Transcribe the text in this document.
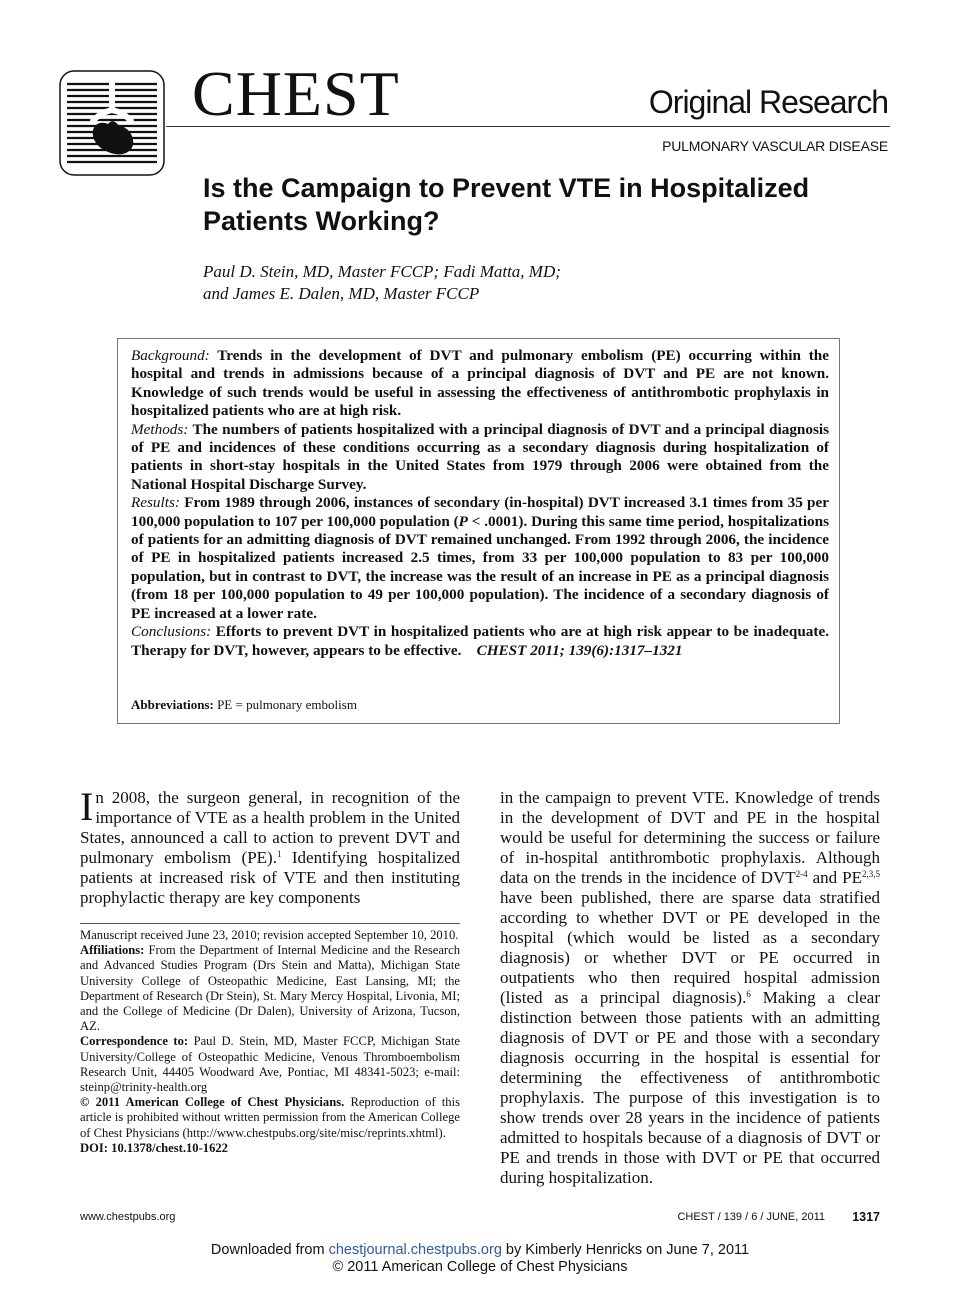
CHEST	Original Research
PULMONARY VASCULAR DISEASE
Is the Campaign to Prevent VTE in Hospitalized Patients Working?
Paul D. Stein, MD, Master FCCP; Fadi Matta, MD;
and James E. Dalen, MD, Master FCCP

Background: Trends in the development of DVT and pulmonary embolism (PE) occurring within the hospital and trends in admissions because of a principal diagnosis of DVT and PE are not known. Knowledge of such trends would be useful in assessing the effectiveness of antithrombotic prophylaxis in hospitalized patients who are at high risk.

Methods: The numbers of patients hospitalized with a principal diagnosis of DVT and a principal diagnosis of PE and incidences of these conditions occurring as a secondary diagnosis during hospitalization of patients in short-stay hospitals in the United States from 1979 through 2006 were obtained from the National Hospital Discharge Survey.

Results: From 1989 through 2006, instances of secondary (in-hospital) DVT increased 3.1 times from 35 per 100,000 population to 107 per 100,000 population (P < .0001). During this same time period, hospitalizations of patients for an admitting diagnosis of DVT remained unchanged. From 1992 through 2006, the incidence of PE in hospitalized patients increased 2.5 times, from 33 per 100,000 population to 83 per 100,000 population, but in contrast to DVT, the increase was the result of an increase in PE as a principal diagnosis (from 18 per 100,000 population to 49 per 100,000 population). The incidence of a secondary diagnosis of PE increased at a lower rate.

Conclusions: Efforts to prevent DVT in hospitalized patients who are at high risk appear to be inadequate. Therapy for DVT, however, appears to be effective. CHEST 2011; 139(6):1317–1321

Abbreviations: PE = pulmonary embolism
In 2008, the surgeon general, in recognition of the importance of VTE as a health problem in the United States, announced a call to action to prevent DVT and pulmonary embolism (PE).$^1$ Identifying hospitalized patients at increased risk of VTE and then instituting prophylactic therapy are key components

Manuscript received June 23, 2010; revision accepted September 10, 2010.

Affiliations: From the Department of Internal Medicine and the Research and Advanced Studies Program (Drs Stein and Matta), Michigan State University College of Osteopathic Medicine, East Lansing, MI; the Department of Research (Dr Stein), St. Mary Mercy Hospital, Livonia, MI; and the College of Medicine (Dr Dalen), University of Arizona, Tucson, AZ.

Correspondence to: Paul D. Stein, MD, Master FCCP, Michigan State University/College of Osteopathic Medicine, Venous Thromboembolism Research Unit, 44405 Woodward Ave, Pontiac, MI 48341-5023; e-mail: steinp@trinity-health.org

© 2011 American College of Chest Physicians. Reproduction of this article is prohibited without written permission from the American College of Chest Physicians (http://www.chestpubs.org/site/misc/reprints.xhtml).

DOI: 10.1378/chest.10-1622

in the campaign to prevent VTE. Knowledge of trends in the development of DVT and PE in the hospital would be useful for determining the success or failure of in-hospital antithrombotic prophylaxis. Although data on the trends in the incidence of DVT$^{2-4}$ and PE$^{2,3,5}$ have been published, there are sparse data stratified according to whether DVT or PE developed in the hospital (which would be listed as a secondary diagnosis) or whether DVT or PE occurred in outpatients who then required hospital admission (listed as a principal diagnosis).$^6$ Making a clear distinction between those patients with an admitting diagnosis of DVT or PE and those with a secondary diagnosis occurring in the hospital is essential for determining the effectiveness of antithrombotic prophylaxis. The purpose of this investigation is to show trends over 28 years in the incidence of patients admitted to hospitals because of a diagnosis of DVT or PE and trends in those with DVT or PE that occurred during hospitalization.
www.chestpubs.org	CHEST / 139 / 6 / JUNE, 2011 1317
Downloaded from chestjournal.chestpubs.org by Kimberly Henricks on June 7, 2011
© 2011 American College of Chest Physicians
